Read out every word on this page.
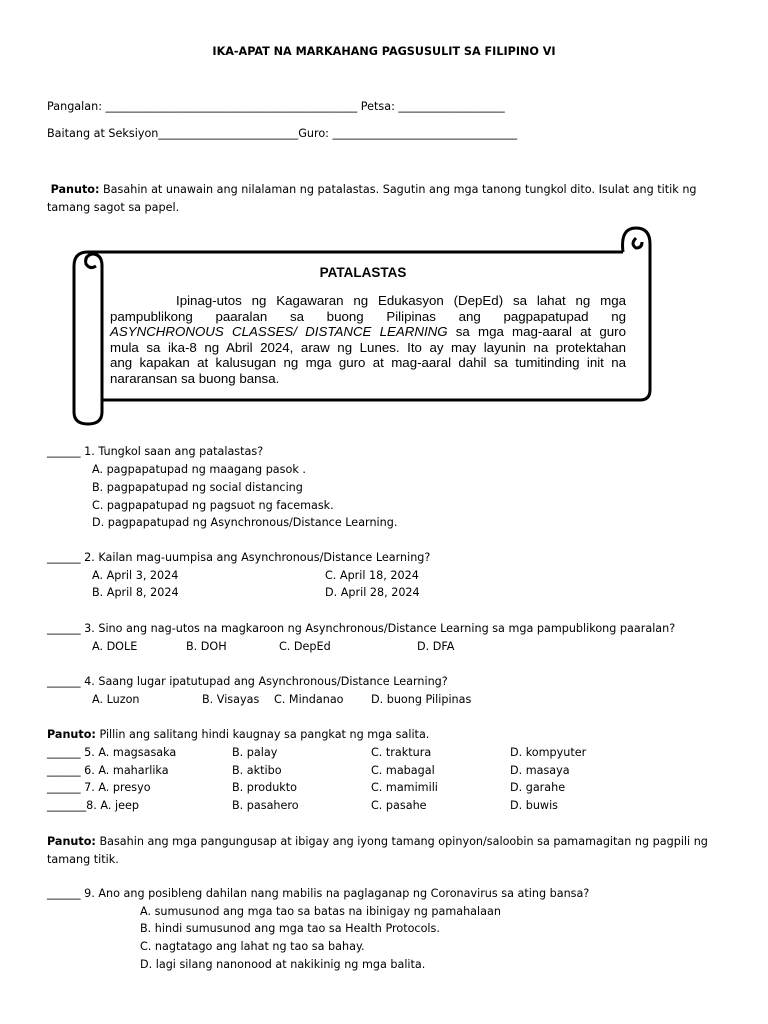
IKA-APAT NA MARKAHANG PAGSUSULIT SA FILIPINO VI
Pangalan: _____________________________________________ Petsa: ___________________
Baitang at Seksiyon_________________________Guro: _________________________________
Panuto: Basahin at unawain ang nilalaman ng patalastas. Sagutin ang mga tanong tungkol dito. Isulat ang titik ng tamang sagot sa papel.
PATALASTAS
Ipinag-utos ng Kagawaran ng Edukasyon (DepEd) sa lahat ng mga
pampublikong paaralan sa buong Pilipinas ang pagpapatupad ng
ASYNCHRONOUS CLASSES/ DISTANCE LEARNING sa mga mag-aaral at guro
mula sa ika-8 ng Abril 2024, araw ng Lunes. Ito ay may layunin na protektahan
ang kapakan at kalusugan ng mga guro at mag-aaral dahil sa tumitinding init na
nararansan sa buong bansa.
______ 1. Tungkol saan ang patalastas?
A. pagpapatupad ng maagang pasok .
B. pagpapatupad ng social distancing
C. pagpapatupad ng pagsuot ng facemask.
D. pagpapatupad ng Asynchronous/Distance Learning.
______ 2. Kailan mag-uumpisa ang Asynchronous/Distance Learning?
A. April 3, 2024	C. April 18, 2024
B. April 8, 2024	D. April 28, 2024
______ 3. Sino ang nag-utos na magkaroon ng Asynchronous/Distance Learning sa mga pampublikong paaralan?
A. DOLE	B. DOH	C. DepEd	D. DFA
______ 4. Saang lugar ipatutupad ang Asynchronous/Distance Learning?
A. Luzon	B. Visayas C. Mindanao D. buong Pilipinas
Panuto: Pillin ang salitang hindi kaugnay sa pangkat ng mga salita.
______ 5. A. magsasaka	B. palay	C. traktura	D. kompyuter
______ 6. A. maharlika	B. aktibo	C. mabagal	D. masaya
______ 7. A. presyo	B. produkto	C. mamimili	D. garahe
_______8. A. jeep	B. pasahero	C. pasahe	D. buwis
Panuto: Basahin ang mga pangungusap at ibigay ang iyong tamang opinyon/saloobin sa pamamagitan ng pagpili ng tamang titik.
______ 9. Ano ang posibleng dahilan nang mabilis na paglaganap ng Coronavirus sa ating bansa?
A. sumusunod ang mga tao sa batas na ibinigay ng pamahalaan
B. hindi sumusunod ang mga tao sa Health Protocols.
C. nagtatago ang lahat ng tao sa bahay.
D. lagi silang nanonood at nakikinig ng mga balita.
